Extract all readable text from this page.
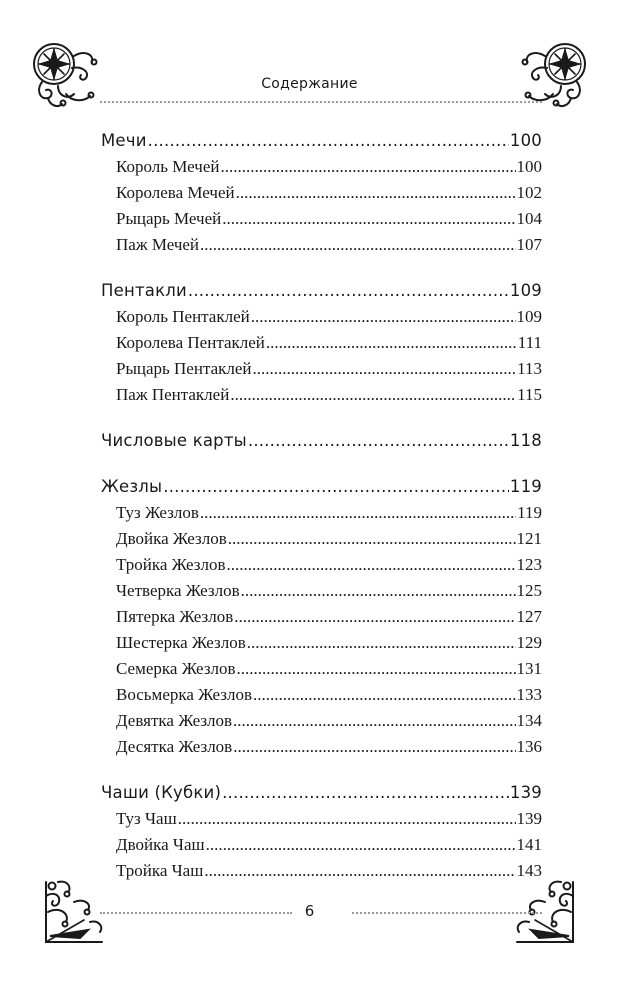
Содержание
Мечи .....	100
Король Мечей .....	100
Королева Мечей .....	102
Рыцарь Мечей .....	104
Паж Мечей .....	107
Пентакли .....	109
Король Пентаклей .....	109
Королева Пентаклей .....	111
Рыцарь Пентаклей .....	113
Паж Пентаклей .....	115
Числовые карты .....	118
Жезлы .....	119
Туз Жезлов .....	119
Двойка Жезлов .....	121
Тройка Жезлов .....	123
Четверка Жезлов .....	125
Пятерка Жезлов .....	127
Шестерка Жезлов .....	129
Семерка Жезлов .....	131
Восьмерка Жезлов .....	133
Девятка Жезлов .....	134
Десятка Жезлов .....	136
Чаши (Кубки) .....	139
Туз Чаш .....	139
Двойка Чаш .....	141
Тройка Чаш .....	143
6
